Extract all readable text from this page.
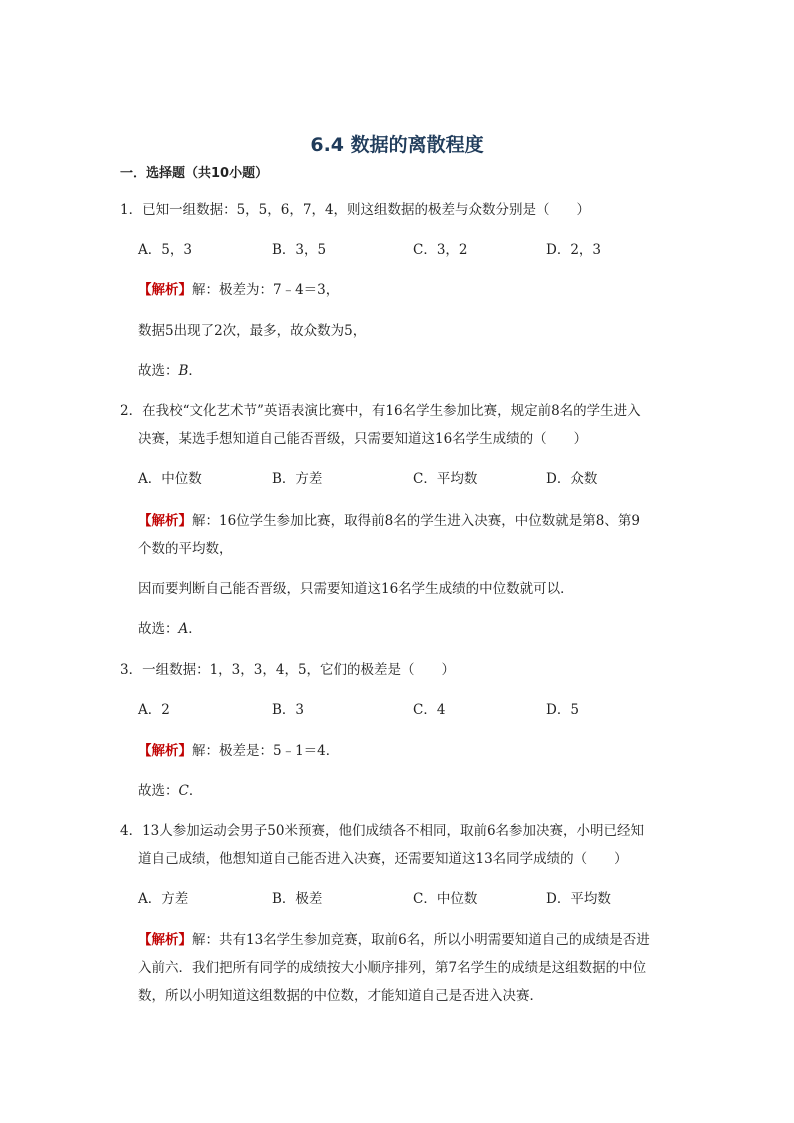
6.4 数据的离散程度
一．选择题（共10小题）
1．已知一组数据：5，5，6，7，4，则这组数据的极差与众数分别是（　　）
A．5，3	B．3，5	C．3，2	D．2，3
【解析】解：极差为：7﹣4＝3，
数据5出现了2次，最多，故众数为5，
故选：B．
2．在我校“文化艺术节”英语表演比赛中，有16名学生参加比赛，规定前8名的学生进入
决赛，某选手想知道自己能否晋级，只需要知道这16名学生成绩的（　　）
A．中位数	B．方差	C．平均数	D．众数
【解析】解：16位学生参加比赛，取得前8名的学生进入决赛，中位数就是第8、第9
个数的平均数，
因而要判断自己能否晋级，只需要知道这16名学生成绩的中位数就可以．
故选：A．
3．一组数据：1，3，3，4，5，它们的极差是（　　）
A．2	B．3	C．4	D．5
【解析】解：极差是：5﹣1＝4．
故选：C．
4．13人参加运动会男子50米预赛，他们成绩各不相同，取前6名参加决赛，小明已经知
道自己成绩，他想知道自己能否进入决赛，还需要知道这13名同学成绩的（　　）
A．方差	B．极差	C．中位数	D．平均数
【解析】解：共有13名学生参加竞赛，取前6名，所以小明需要知道自己的成绩是否进
入前六．我们把所有同学的成绩按大小顺序排列，第7名学生的成绩是这组数据的中位
数，所以小明知道这组数据的中位数，才能知道自己是否进入决赛．
